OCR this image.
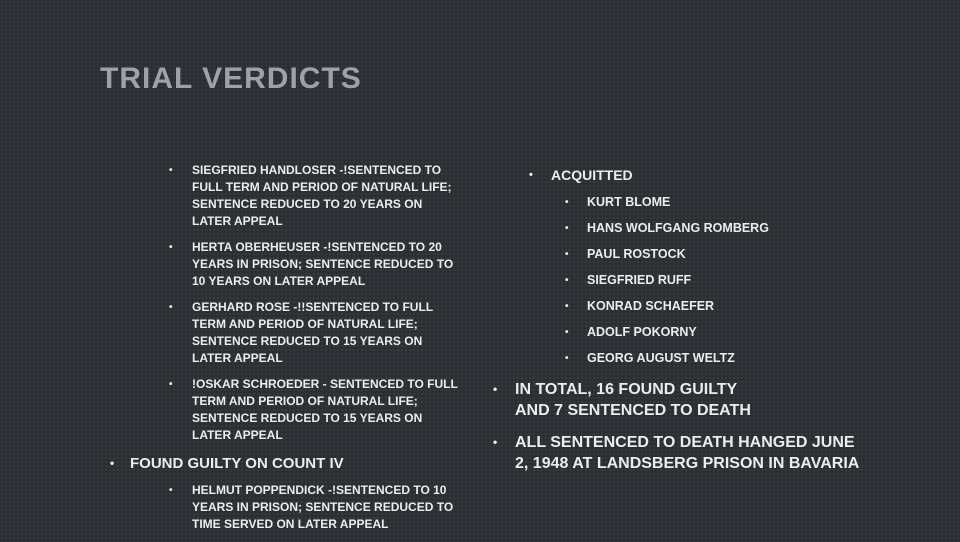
TRIAL VERDICTS
• SIEGFRIED HANDLOSER -!SENTENCED TO FULL TERM AND PERIOD OF NATURAL LIFE; SENTENCE REDUCED TO 20 YEARS ON LATER APPEAL
• HERTA OBERHEUSER -!SENTENCED TO 20 YEARS IN PRISON; SENTENCE REDUCED TO 10 YEARS ON LATER APPEAL
• GERHARD ROSE -!!SENTENCED TO FULL TERM AND PERIOD OF NATURAL LIFE; SENTENCE REDUCED TO 15 YEARS ON LATER APPEAL
• !OSKAR SCHROEDER - SENTENCED TO FULL TERM AND PERIOD OF NATURAL LIFE; SENTENCE REDUCED TO 15 YEARS ON LATER APPEAL
• FOUND GUILTY ON COUNT IV
• HELMUT POPPENDICK -!SENTENCED TO 10 YEARS IN PRISON; SENTENCE REDUCED TO TIME SERVED ON LATER APPEAL
• ACQUITTED
• KURT BLOME
• HANS WOLFGANG ROMBERG
• PAUL ROSTOCK
• SIEGFRIED RUFF
• KONRAD SCHAEFER
• ADOLF POKORNY
• GEORG AUGUST WELTZ
• IN TOTAL, 16 FOUND GUILTY AND 7 SENTENCED TO DEATH
• ALL SENTENCED TO DEATH HANGED JUNE 2, 1948 AT LANDSBERG PRISON IN BAVARIA
